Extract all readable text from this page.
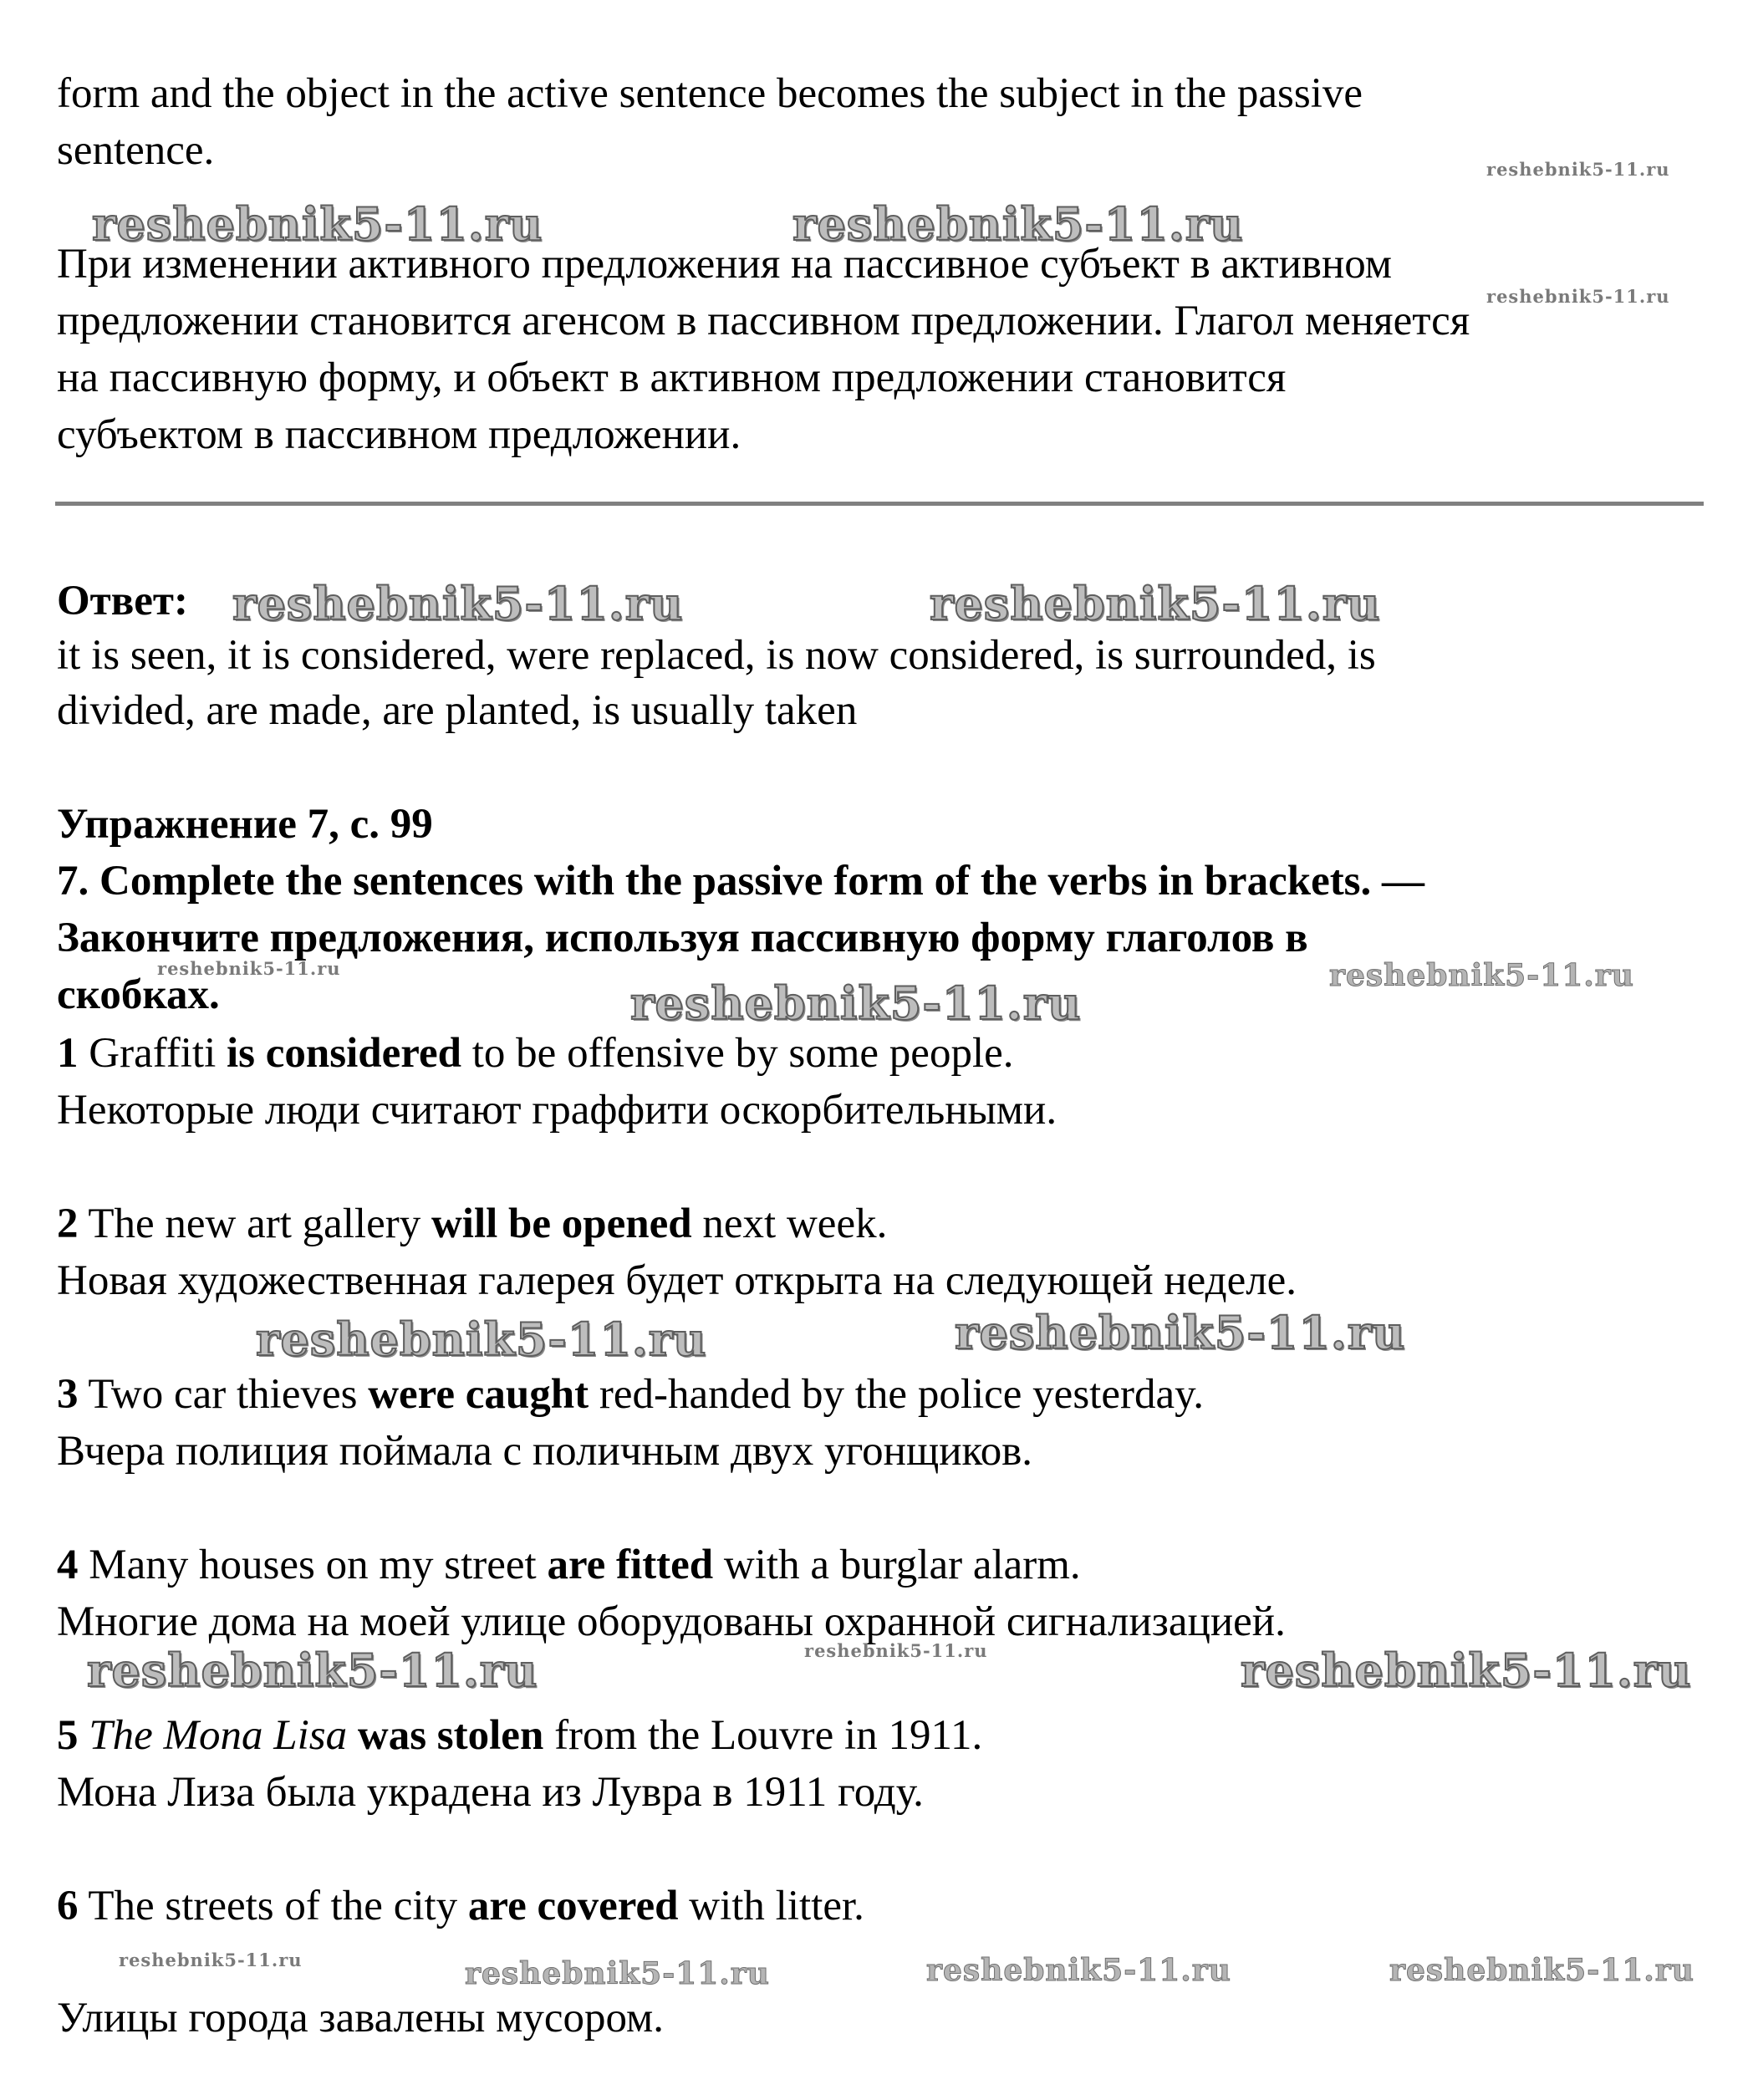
form and the object in the active sentence becomes the subject in the passive

sentence.

При изменении активного предложения на пассивное субъект в активном

предложении становится агенсом в пассивном предложении. Глагол меняется

на пассивную форму, и объект в активном предложении становится

субъектом в пассивном предложении.

Ответ:

it is seen, it is considered, were replaced, is now considered, is surrounded, is

divided, are made, are planted, is usually taken

Упражнение 7, с. 99

7. Complete the sentences with the passive form of the verbs in brackets. —

Закончите предложения, используя пассивную форму глаголов в

скобках.

1 Graffiti is considered to be offensive by some people.

Некоторые люди считают граффити оскорбительными.

2 The new art gallery will be opened next week.

Новая художественная галерея будет открыта на следующей неделе.

3 Two car thieves were caught red-handed by the police yesterday.

Вчера полиция поймала с поличным двух угонщиков.

4 Many houses on my street are fitted with a burglar alarm.

Многие дома на моей улице оборудованы охранной сигнализацией.

5 The Mona Lisa was stolen from the Louvre in 1911.

Мона Лиза была украдена из Лувра в 1911 году.

6 The streets of the city are covered with litter.

Улицы города завалены мусором.

reshebnik5-11.ru
reshebnik5-11.ru	reshebnik5-11.ru
reshebnik5-11.ru
reshebnik5-11.ru	reshebnik5-11.ru
reshebnik5-11.ru	reshebnik5-11.ru
reshebnik5-11.ru
reshebnik5-11.ru	reshebnik5-11.ru
reshebnik5-11.ru	reshebnik5-11.ru	reshebnik5-11.ru
reshebnik5-11.ru	reshebnik5-11.ru	reshebnik5-11.ru	reshebnik5-11.ru
